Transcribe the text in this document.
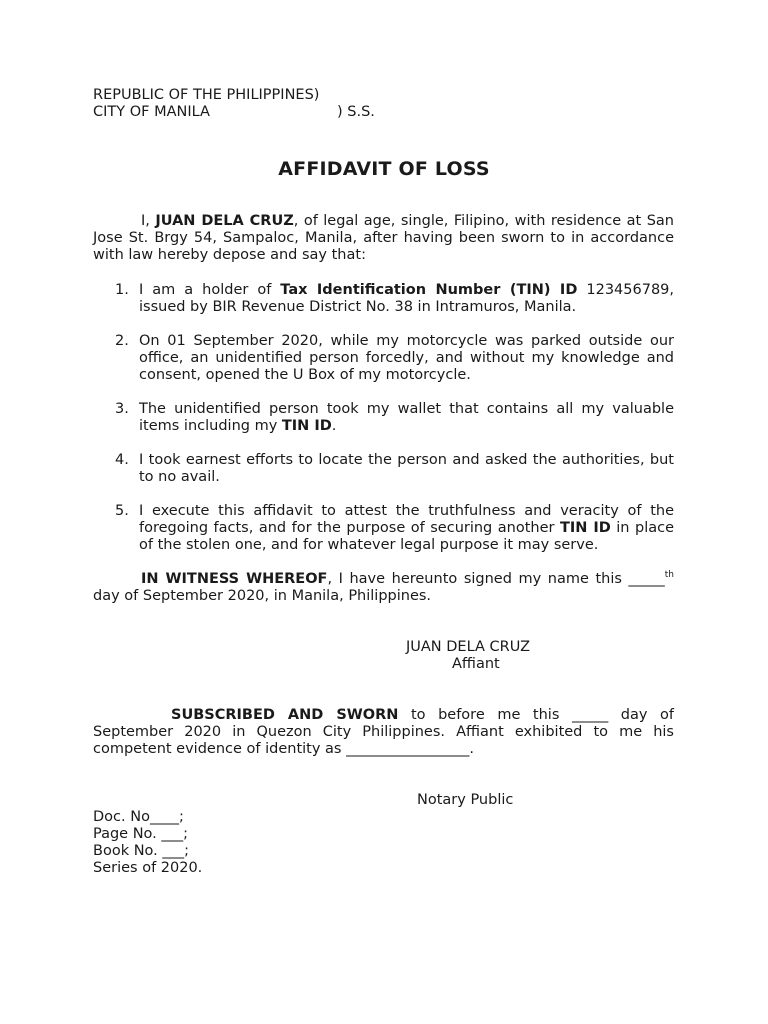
REPUBLIC OF THE PHILIPPINES)
CITY OF MANILA	) S.S.
AFFIDAVIT OF LOSS
I, JUAN DELA CRUZ, of legal age, single, Filipino, with residence at San Jose St. Brgy 54, Sampaloc, Manila, after having been sworn to in accordance with law hereby depose and say that:
1. I am a holder of Tax Identification Number (TIN) ID 123456789, issued by BIR Revenue District No. 38 in Intramuros, Manila.
2. On 01 September 2020, while my motorcycle was parked outside our office, an unidentified person forcedly, and without my knowledge and consent, opened the U Box of my motorcycle.
3. The unidentified person took my wallet that contains all my valuable items including my TIN ID.
4. I took earnest efforts to locate the person and asked the authorities, but to no avail.
5. I execute this affidavit to attest the truthfulness and veracity of the foregoing facts, and for the purpose of securing another TIN ID in place of the stolen one, and for whatever legal purpose it may serve.
IN WITNESS WHEREOF, I have hereunto signed my name this _____$^{th}$ day of September 2020, in Manila, Philippines.
JUAN DELA CRUZ
Affiant
SUBSCRIBED AND SWORN to before me this _____ day of September 2020 in Quezon City Philippines. Affiant exhibited to me his competent evidence of identity as _________________.
Notary Public
Doc. No____;
Page No. ___;
Book No. ___;
Series of 2020.
